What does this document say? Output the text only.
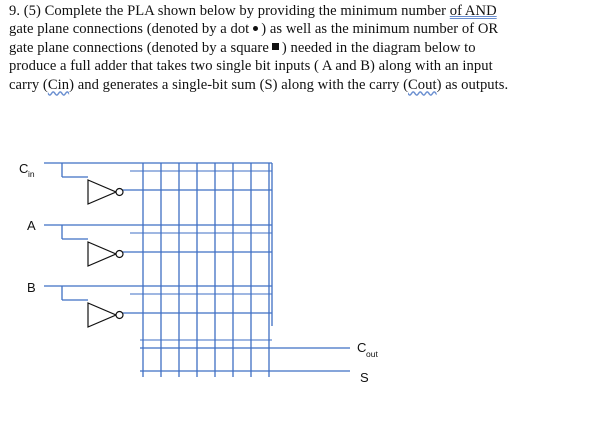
9. (5) Complete the PLA shown below by providing the minimum number of AND
gate plane connections (denoted by a dot ) as well as the minimum number of OR
gate plane connections (denoted by a square ) needed in the diagram below to
produce a full adder that takes two single bit inputs ( A and B) along with an input
carry (Cin) and generates a single-bit sum (S) along with the carry (Cout) as outputs.
C in
A
B
C out
S
